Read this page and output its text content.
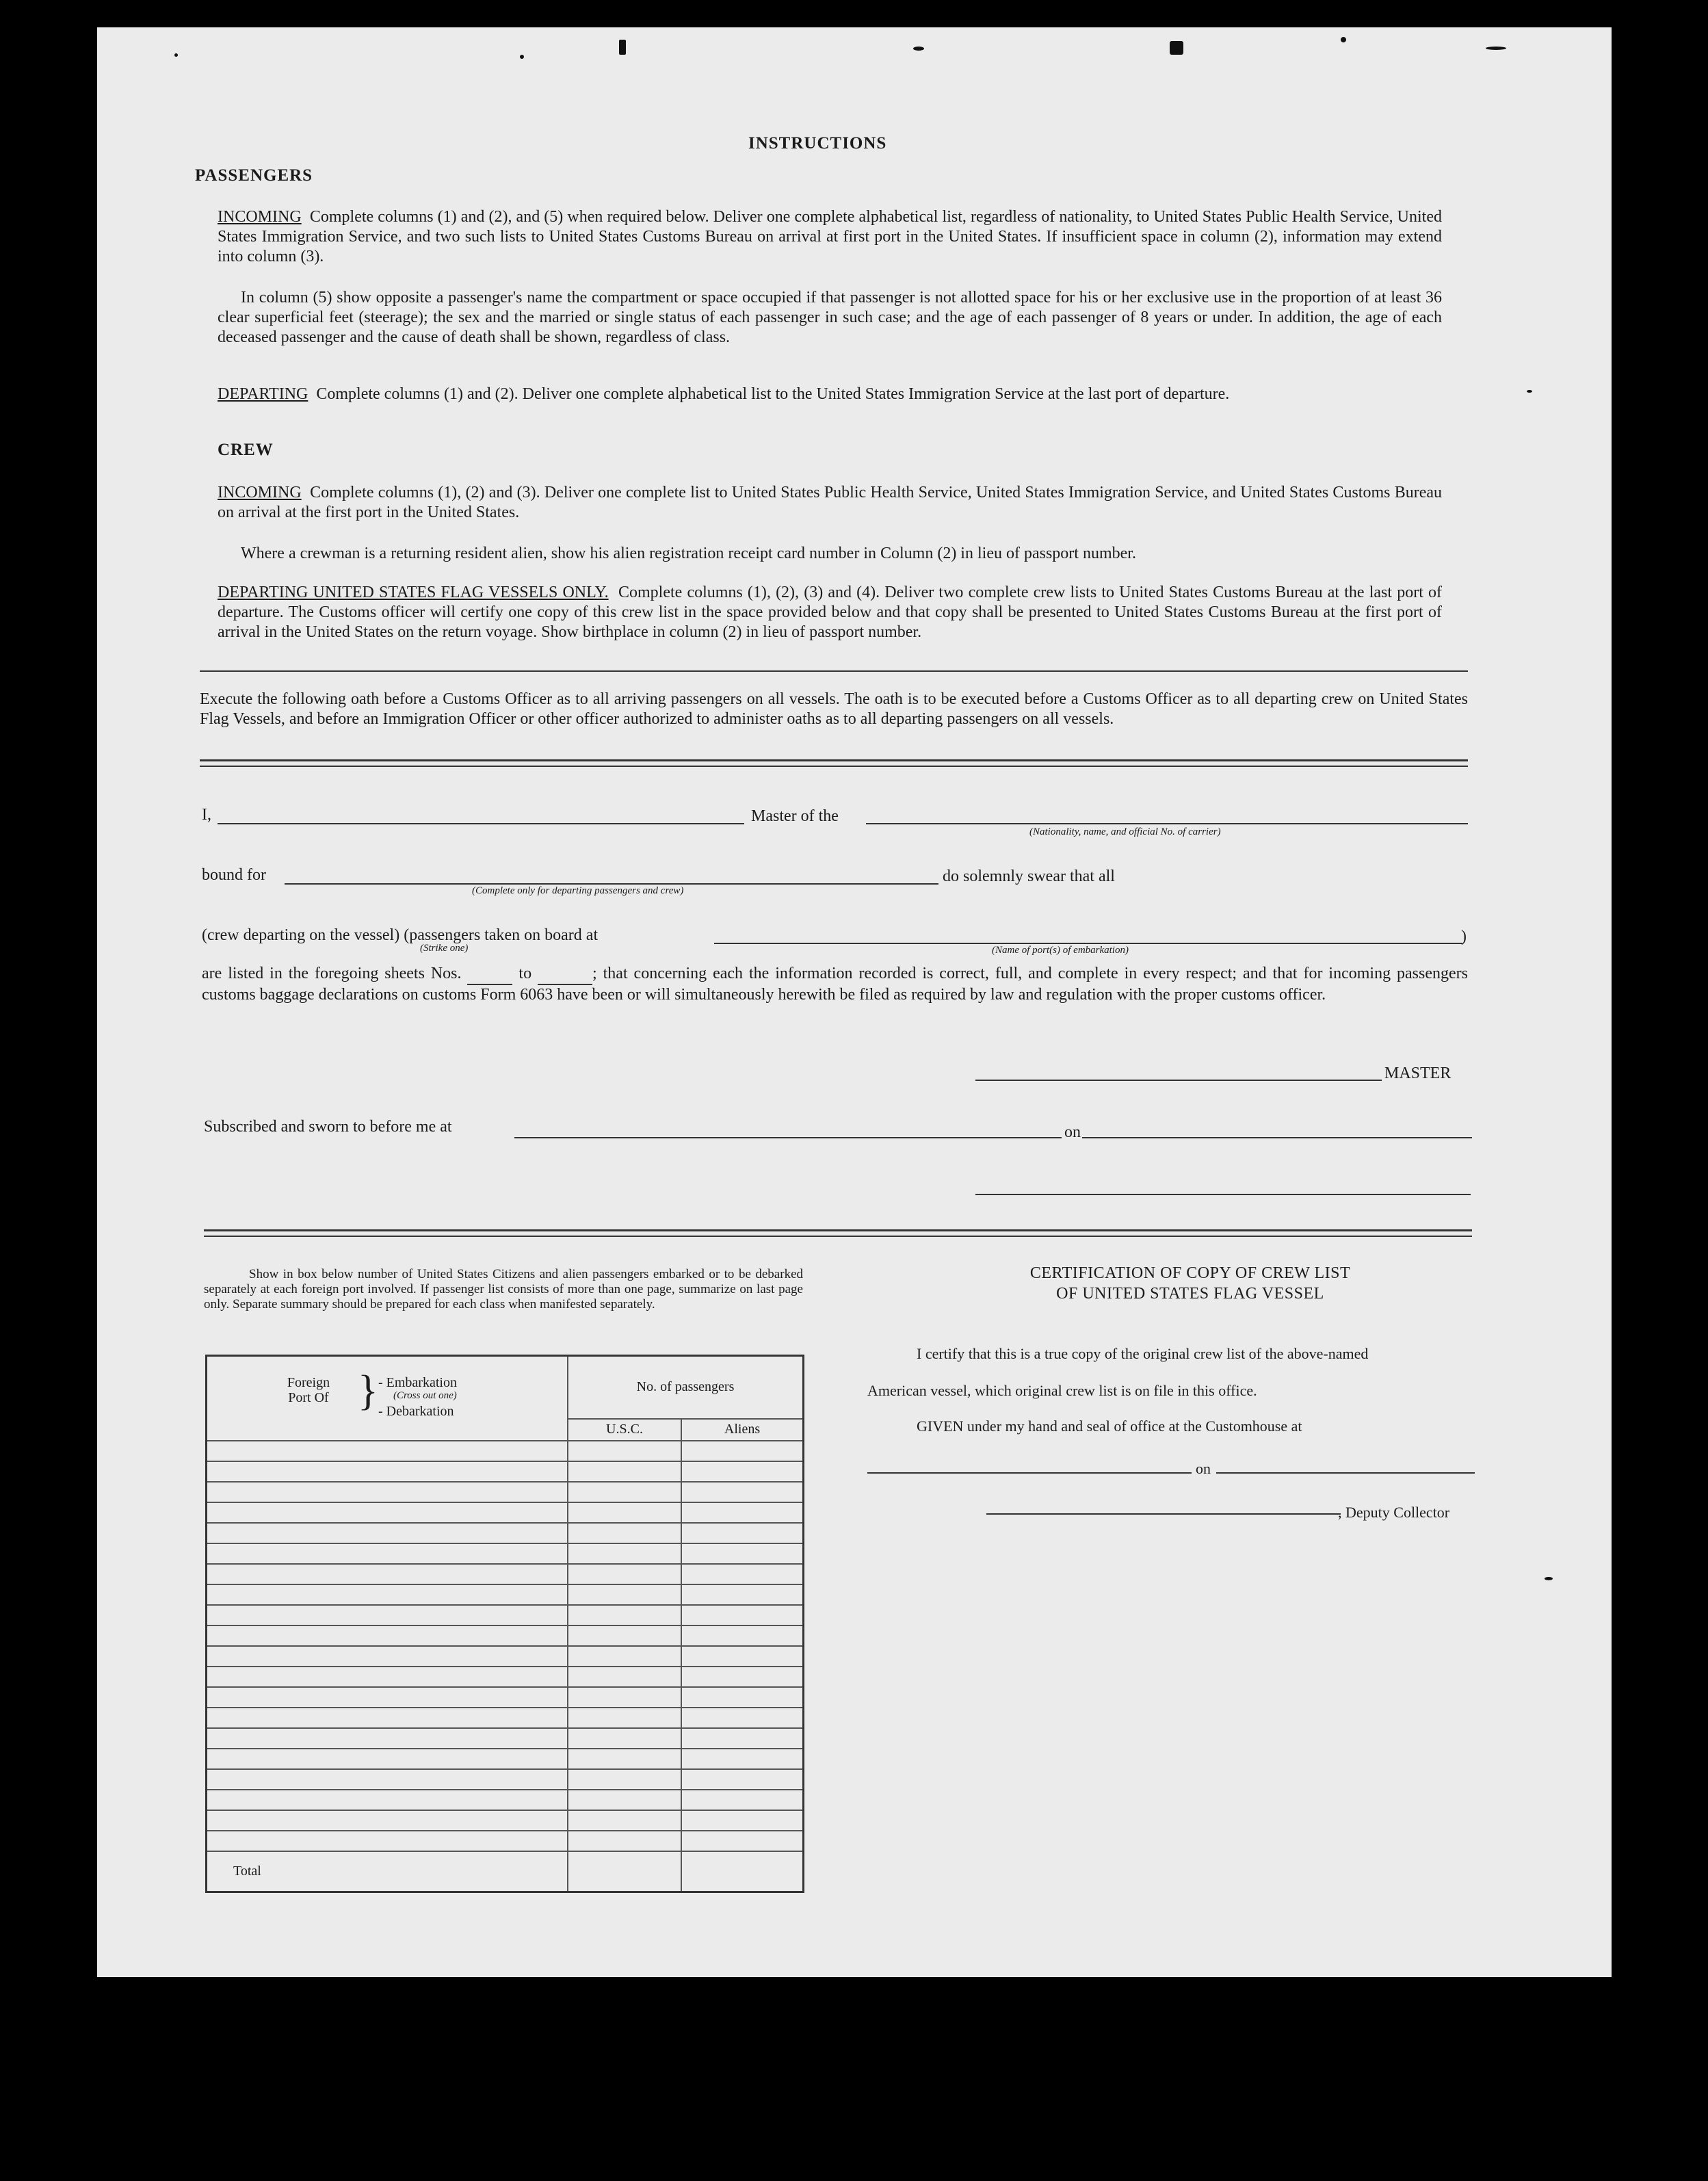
INSTRUCTIONS
PASSENGERS
INCOMING Complete columns (1) and (2), and (5) when required below. Deliver one complete alphabetical list, regardless of nationality, to United States Public Health Service, United States Immigration Service, and two such lists to United States Customs Bureau on arrival at first port in the United States. If insufficient space in column (2), information may extend into column (3).
In column (5) show opposite a passenger's name the compartment or space occupied if that passenger is not allotted space for his or her exclusive use in the proportion of at least 36 clear superficial feet (steerage); the sex and the married or single status of each passenger in such case; and the age of each passenger of 8 years or under. In addition, the age of each deceased passenger and the cause of death shall be shown, regardless of class.
DEPARTING Complete columns (1) and (2). Deliver one complete alphabetical list to the United States Immigration Service at the last port of departure.
CREW
INCOMING Complete columns (1), (2) and (3). Deliver one complete list to United States Public Health Service, United States Immigration Service, and United States Customs Bureau on arrival at the first port in the United States.
Where a crewman is a returning resident alien, show his alien registration receipt card number in Column (2) in lieu of passport number.
DEPARTING UNITED STATES FLAG VESSELS ONLY. Complete columns (1), (2), (3) and (4). Deliver two complete crew lists to United States Customs Bureau at the last port of departure. The Customs officer will certify one copy of this crew list in the space provided below and that copy shall be presented to United States Customs Bureau at the first port of arrival in the United States on the return voyage. Show birthplace in column (2) in lieu of passport number.
Execute the following oath before a Customs Officer as to all arriving passengers on all vessels. The oath is to be executed before a Customs Officer as to all departing crew on United States Flag Vessels, and before an Immigration Officer or other officer authorized to administer oaths as to all departing passengers on all vessels.
I,	Master of the
(Nationality, name, and official No. of carrier)
bound for
(Complete only for departing passengers and crew)
do solemnly swear that all
(crew departing on the vessel) (passengers taken on board at
(Strike one)	(Name of port(s) of embarkation)
)
are listed in the foregoing sheets Nos.	to	; that concerning each the information recorded is correct, full, and complete in every respect; and that for incoming passengers customs baggage declarations on customs Form 6063 have been or will simultaneously herewith be filed as required by law and regulation with the proper customs officer.
MASTER
Subscribed and sworn to before me at	on
Show in box below number of United States Citizens and alien passengers embarked or to be debarked separately at each foreign port involved. If passenger list consists of more than one page, summarize on last page only. Separate summary should be prepared for each class when manifested separately.
Foreign Port Of } - Embarkation
(Cross out one)
- Debarkation	No. of passengers	
	U.S.C.	Aliens

Total		
CERTIFICATION OF COPY OF CREW LIST
OF UNITED STATES FLAG VESSEL
I certify that this is a true copy of the original crew list of the above-named
American vessel, which original crew list is on file in this office.
GIVEN under my hand and seal of office at the Customhouse at
on
, Deputy Collector
